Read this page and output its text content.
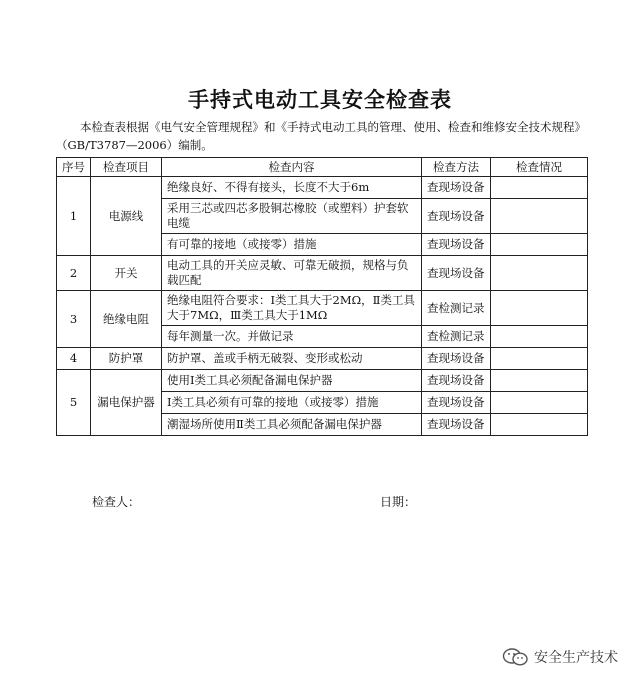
手持式电动工具安全检查表
本检查表根据《电气安全管理规程》和《手持式电动工具的管理、使用、检查和维修安全技术规程》（GB/T3787—2006）编制。
序号	检查项目	检查内容	检查方法	检查情况
1	电源线	绝缘良好、不得有接头，长度不大于6m	查现场设备	
		采用三芯或四芯多股铜芯橡胶（或塑料）护套软电缆	查现场设备	
		有可靠的接地（或接零）措施	查现场设备	
2	开关	电动工具的开关应灵敏、可靠无破损，规格与负载匹配	查现场设备	
3	绝缘电阻	绝缘电阻符合要求：Ⅰ类工具大于2MΩ，Ⅱ类工具大于7MΩ，Ⅲ类工具大于1MΩ	查检测记录	
		每年测量一次。并做记录	查检测记录	
4	防护罩	防护罩、盖或手柄无破裂、变形或松动	查现场设备	
5	漏电保护器	使用Ⅰ类工具必须配备漏电保护器	查现场设备	
		Ⅰ类工具必须有可靠的接地（或接零）措施	查现场设备	
		潮湿场所使用Ⅱ类工具必须配备漏电保护器	查现场设备	
检查人：	日期：
安全生产技术
